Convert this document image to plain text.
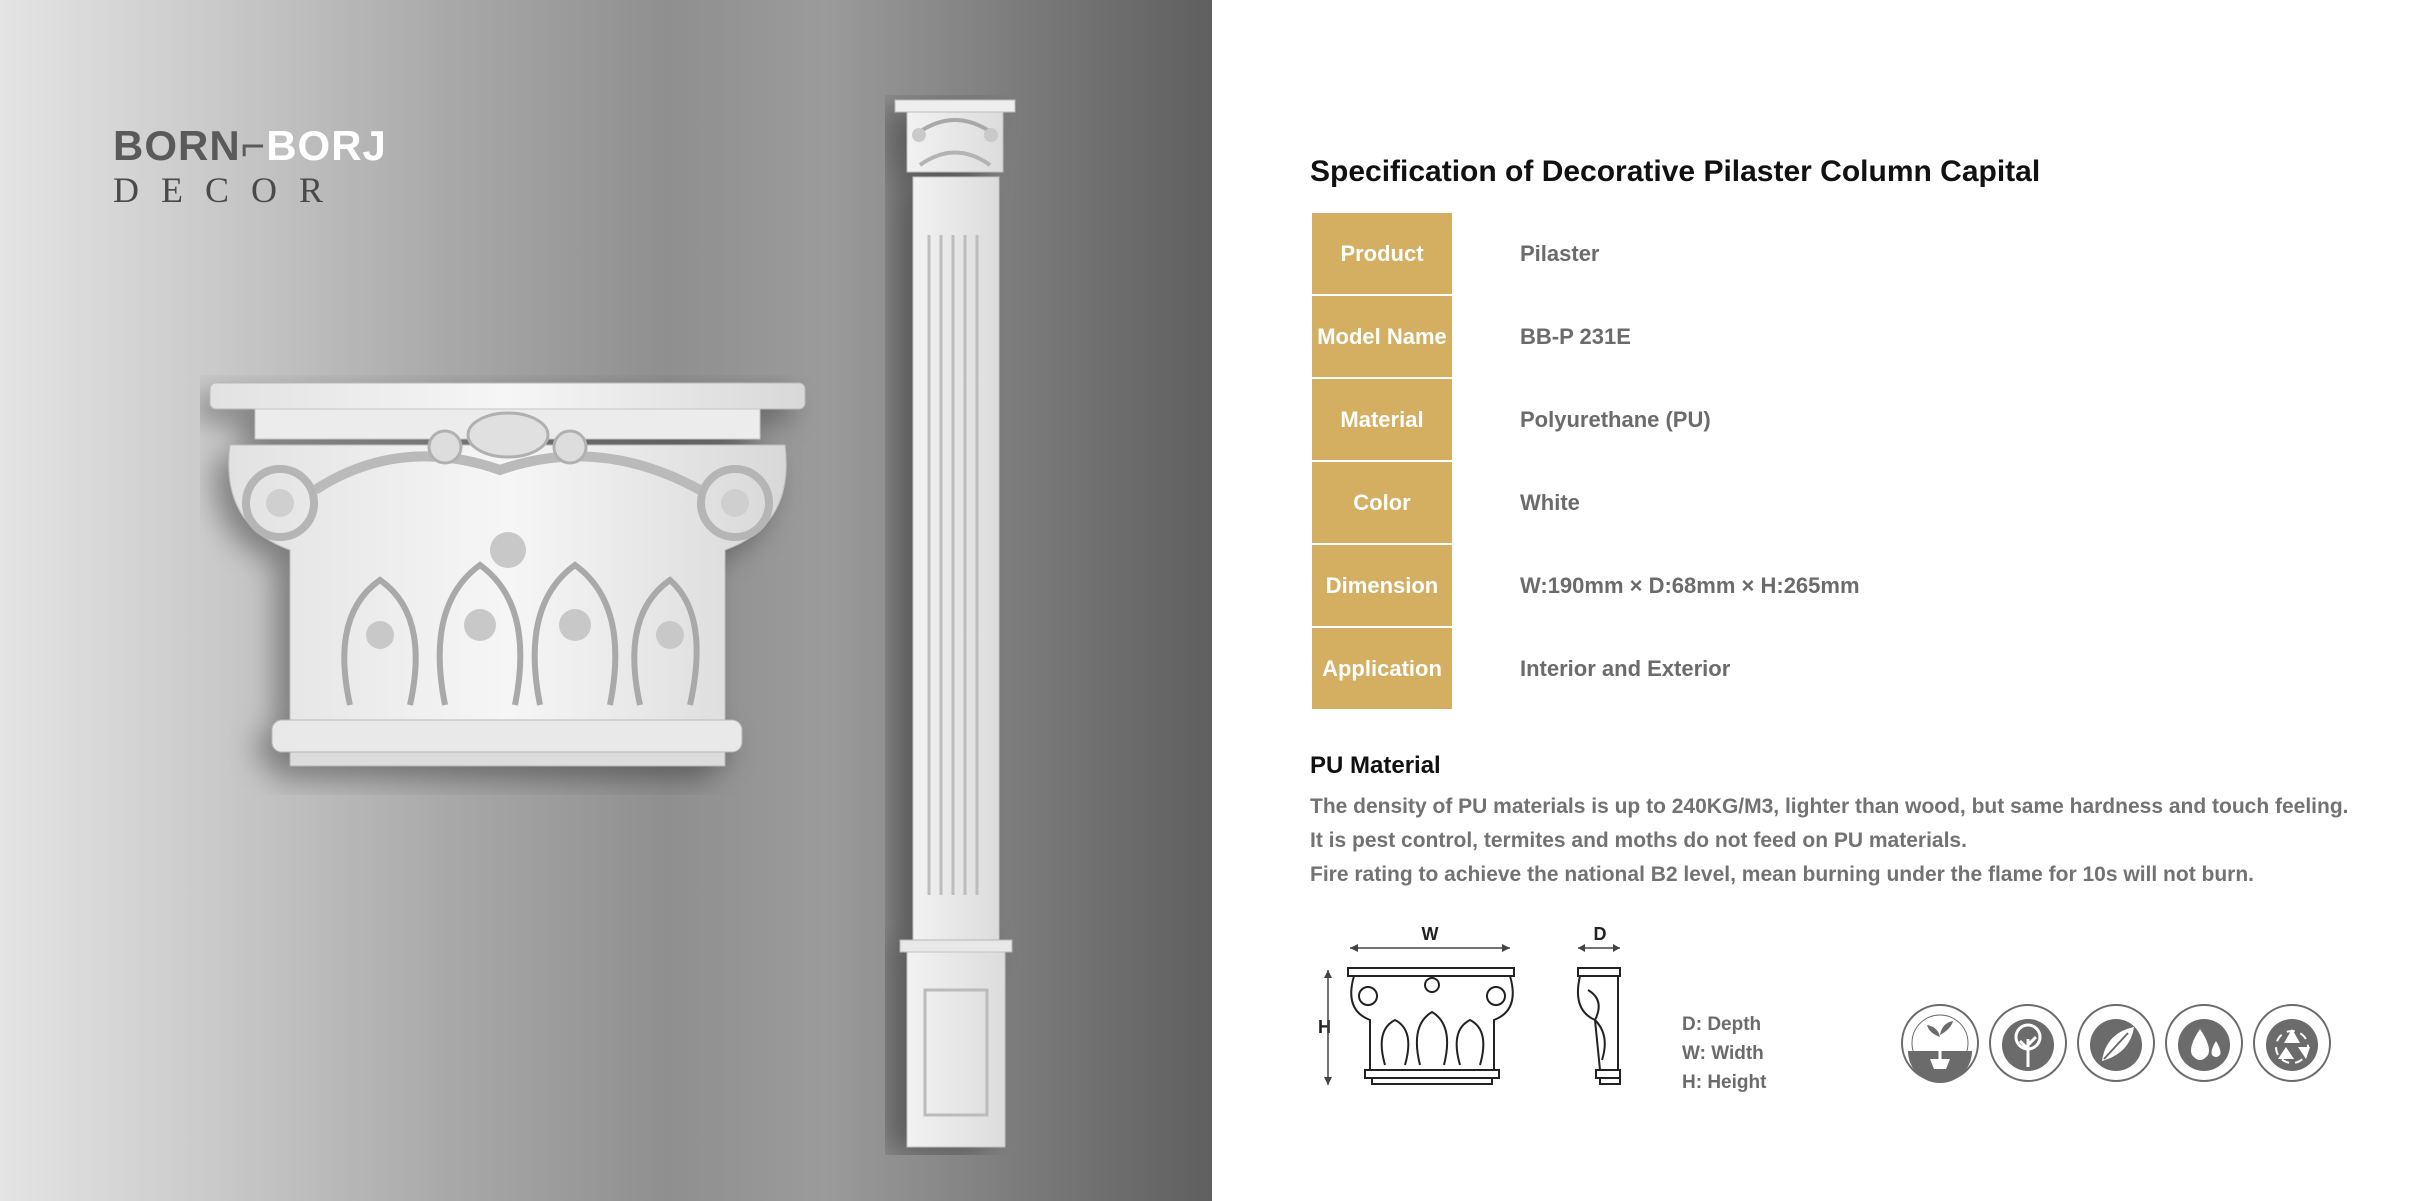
BORN⌐BORJ
DECOR	Specification of Decorative Pilaster Column Capital
Product	Pilaster
Model Name	BB-P 231E
Material	Polyurethane (PU)
Color	White
Dimension	W:190mm × D:68mm × H:265mm
Application	Interior and Exterior
PU Material
The density of PU materials is up to 240KG/M3, lighter than wood, but same hardness and touch feeling.
It is pest control, termites and moths do not feed on PU materials.
Fire rating to achieve the national B2 level, mean burning under the flame for 10s will not burn.
W
H
D
D: Depth
W: Width
H: Height
